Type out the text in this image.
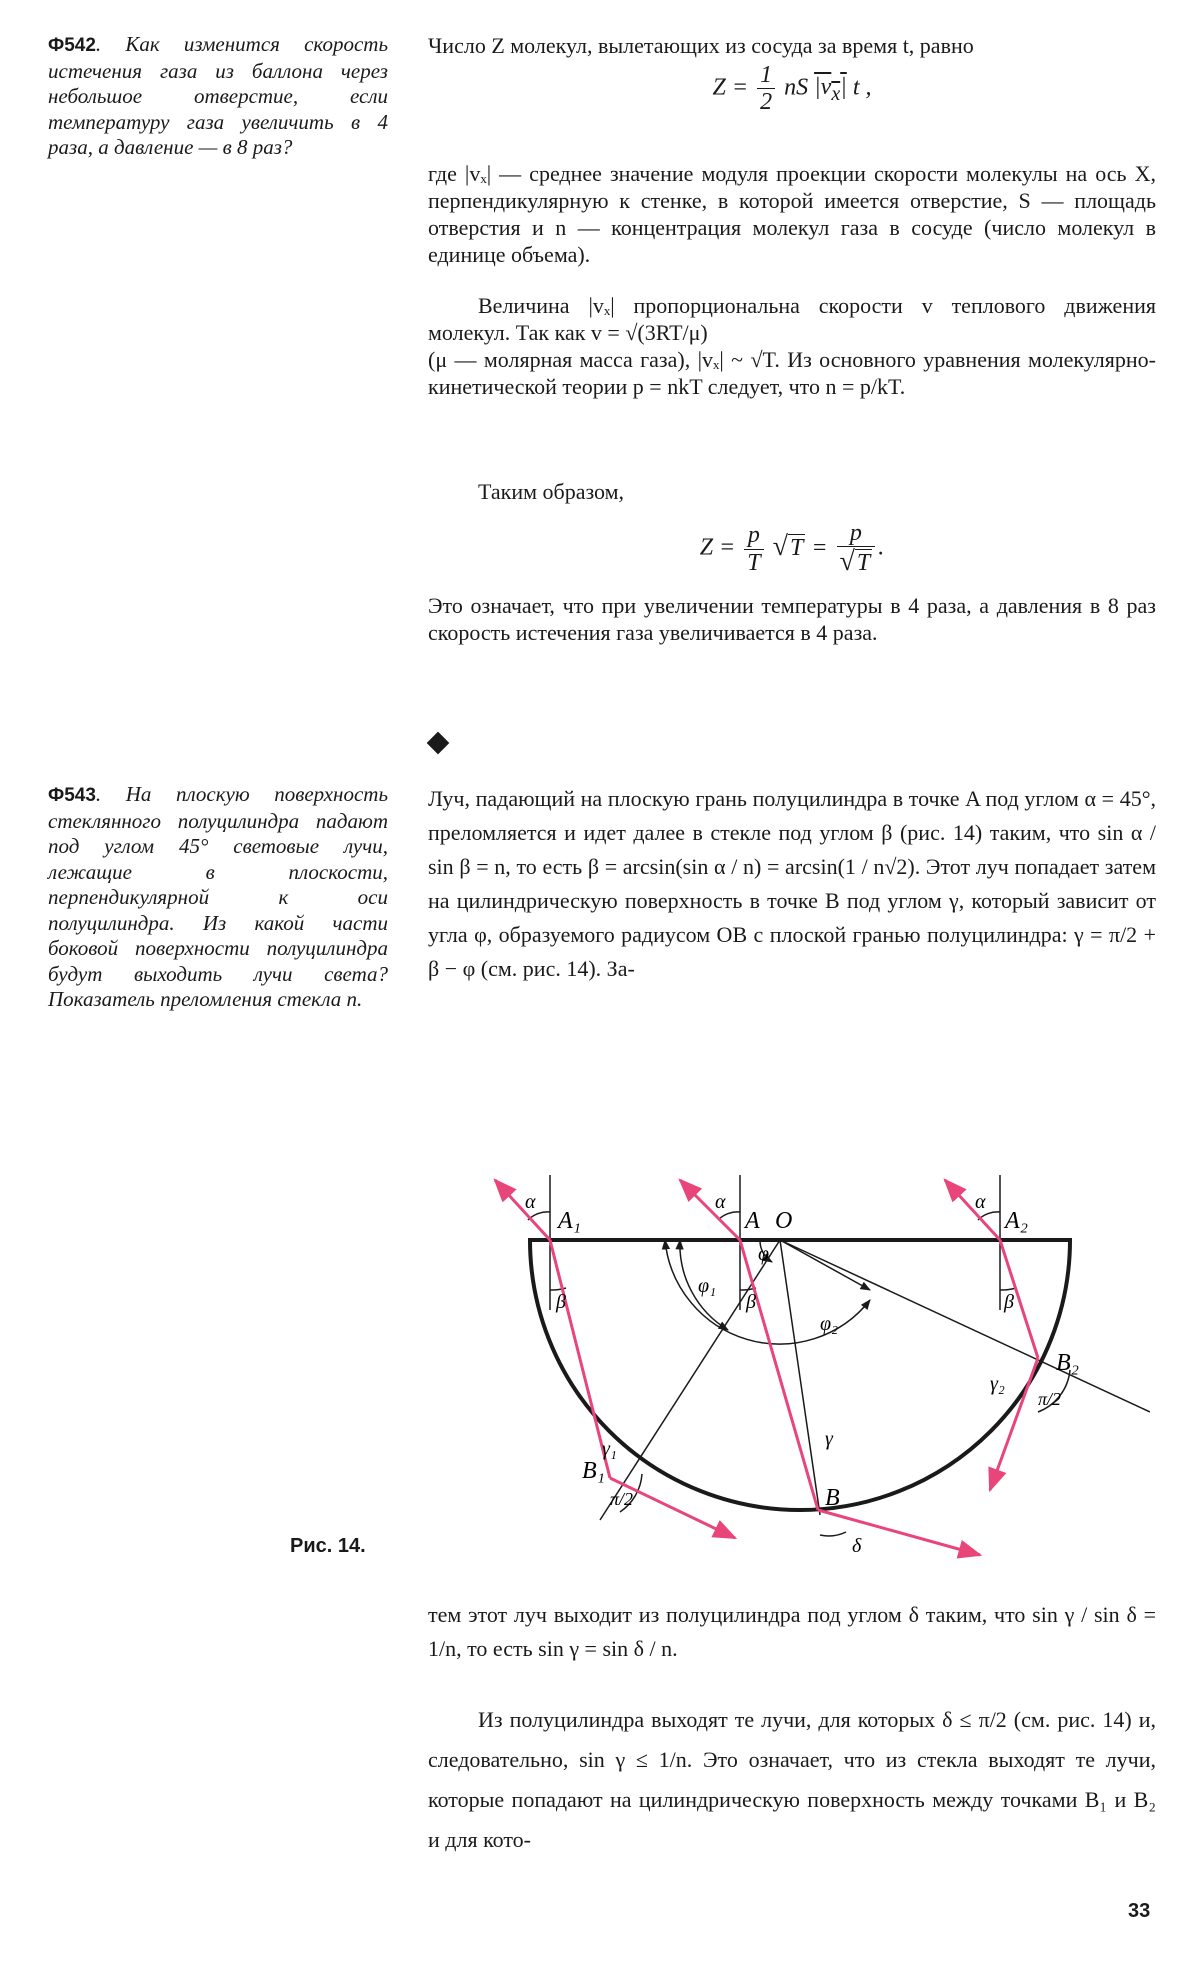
Ф542. Как изменится скорость истечения газа из баллона через небольшое отверстие, если температуру газа увеличить в 4 раза, а давление — в 8 раз?

Число Z молекул, вылетающих из сосуда за время t, равно

$Z = \frac{1}{2}$ nS $|v_x|$ t ,

где |vₓ| — среднее значение модуля проекции скорости молекулы на ось X, перпендикулярную к стенке, в которой имеется отверстие, S — площадь отверстия и n — концентрация молекул газа в сосуде (число молекул в единице объема).

Величина |vₓ| пропорциональна скорости v теплового движения молекул. Так как v = √(3RT/μ)

(μ — молярная масса газа), |vₓ| ~ √T. Из основного уравнения молекулярно-кинетической теории p = nkT следует, что n = p/kT.

Таким образом,

$Z = \frac{p}{T} √T = \frac{p}{√T}$ .

Это означает, что при увеличении температуры в 4 раза, а давления в 8 раз скорость истечения газа увеличивается в 4 раза.

Ф543. На плоскую поверхность стеклянного полуцилиндра падают под углом 45° световые лучи, лежащие в плоскости, перпендикулярной к оси полуцилиндра. Из какой части боковой поверхности полуцилиндра будут выходить лучи света? Показатель преломления стекла n.

Луч, падающий на плоскую грань полуцилиндра в точке A под углом α = 45°, преломляется и идет далее в стекле под углом β (рис. 14) таким, что sin α / sin β = n, то есть β = arcsin(sin α / n) = arcsin(1 / n√2). Этот луч попадает затем на цилиндрическую поверхность в точке B под углом γ, который зависит от угла φ, образуемого радиусом OB с плоской гранью полуцилиндра: γ = π/2 + β − φ (см. рис. 14). За-

α
A₁
α
A O
α
A₂
φ
φ₁
φ₂
β	β	β
γ₁
B₁
π/2
γ
B
δ
B₂
γ₂
π/2
Рис. 14.

тем этот луч выходит из полуцилиндра под углом δ таким, что sin γ / sin δ = 1/n, то есть sin γ = sin δ / n.

Из полуцилиндра выходят те лучи, для которых δ ≤ π/2 (см. рис. 14) и, следовательно, sin γ ≤ 1/n. Это означает, что из стекла выходят те лучи, которые попадают на цилиндрическую поверхность между точками B₁ и B₂ и для кото-

33
